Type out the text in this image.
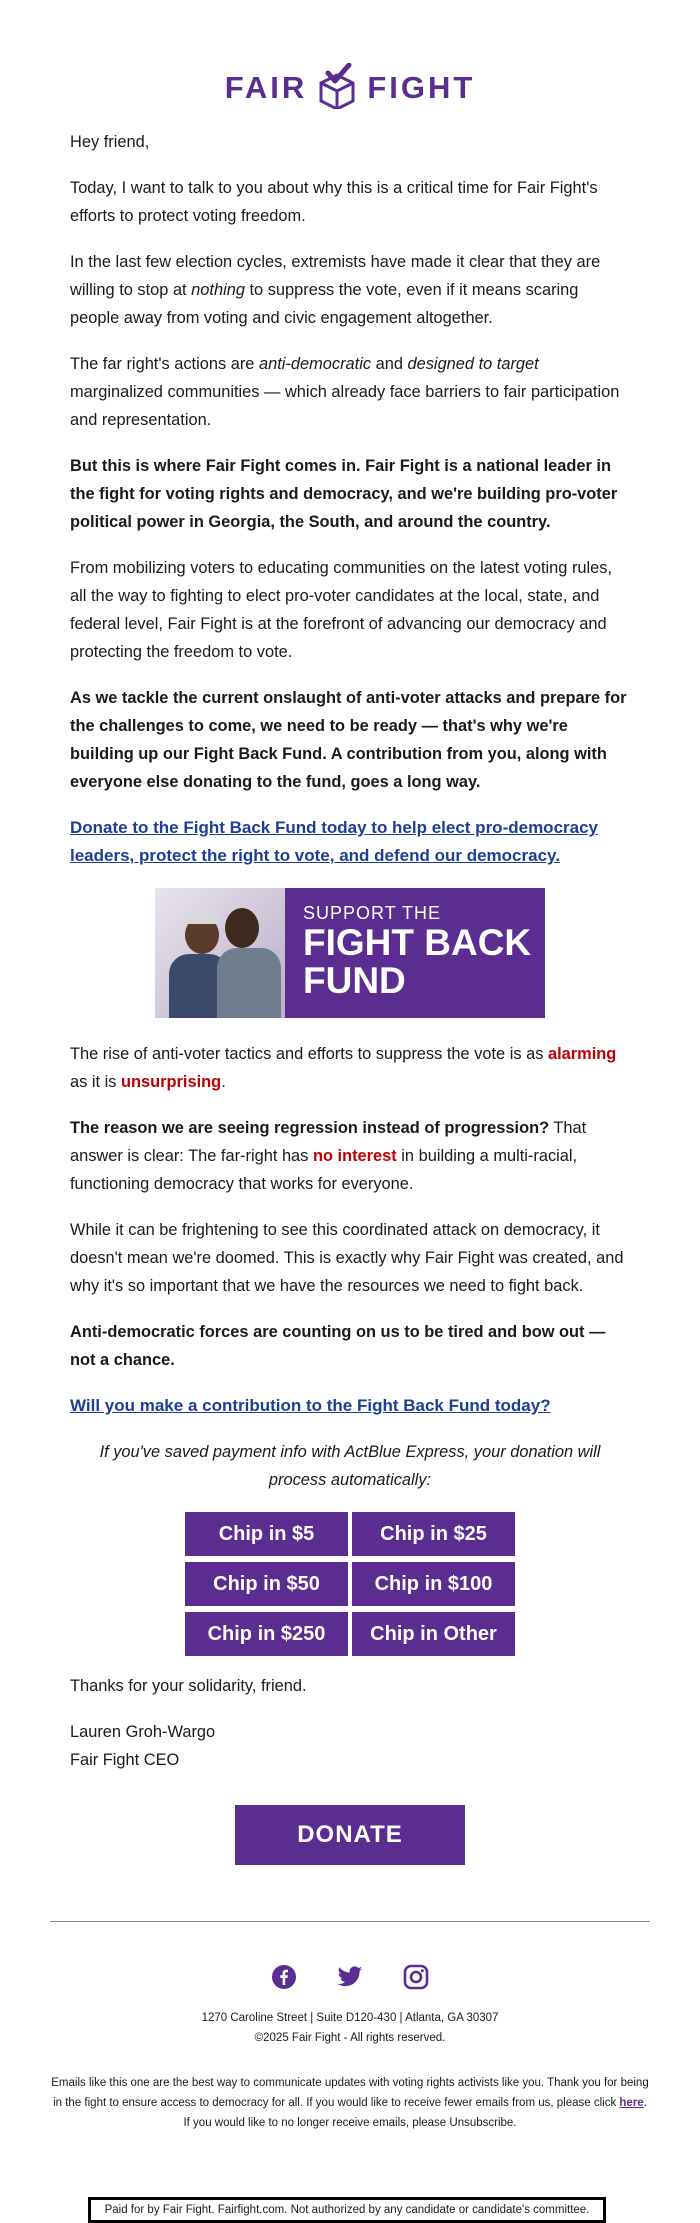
FAIR FIGHT

Hey friend,

Today, I want to talk to you about why this is a critical time for Fair Fight's efforts to protect voting freedom.

In the last few election cycles, extremists have made it clear that they are willing to stop at nothing to suppress the vote, even if it means scaring people away from voting and civic engagement altogether.

The far right's actions are anti-democratic and designed to target marginalized communities — which already face barriers to fair participation and representation.

But this is where Fair Fight comes in. Fair Fight is a national leader in the fight for voting rights and democracy, and we're building pro-voter political power in Georgia, the South, and around the country.

From mobilizing voters to educating communities on the latest voting rules, all the way to fighting to elect pro-voter candidates at the local, state, and federal level, Fair Fight is at the forefront of advancing our democracy and protecting the freedom to vote.

As we tackle the current onslaught of anti-voter attacks and prepare for the challenges to come, we need to be ready — that's why we're building up our Fight Back Fund. A contribution from you, along with everyone else donating to the fund, goes a long way.

Donate to the Fight Back Fund today to help elect pro-democracy leaders, protect the right to vote, and defend our democracy.

SUPPORT THE
FIGHT BACK
FUND

The rise of anti-voter tactics and efforts to suppress the vote is as alarming as it is unsurprising.

The reason we are seeing regression instead of progression? That answer is clear: The far-right has no interest in building a multi-racial, functioning democracy that works for everyone.

While it can be frightening to see this coordinated attack on democracy, it doesn't mean we're doomed. This is exactly why Fair Fight was created, and why it's so important that we have the resources we need to fight back.

Anti-democratic forces are counting on us to be tired and bow out — not a chance.

Will you make a contribution to the Fight Back Fund today?

If you've saved payment info with ActBlue Express, your donation will process automatically:

Chip in $5	Chip in $25
Chip in $50	Chip in $100
Chip in $250	Chip in Other

Thanks for your solidarity, friend.

Lauren Groh-Wargo
Fair Fight CEO
DONATE
1270 Caroline Street | Suite D120-430 | Atlanta, GA 30307
©2025 Fair Fight - All rights reserved.
Emails like this one are the best way to communicate updates with voting rights activists like you. Thank you for being in the fight to ensure access to democracy for all. If you would like to receive fewer emails from us, please click here. If you would like to no longer receive emails, please Unsubscribe.
Paid for by Fair Fight. Fairfight.com. Not authorized by any candidate or candidate's committee.
